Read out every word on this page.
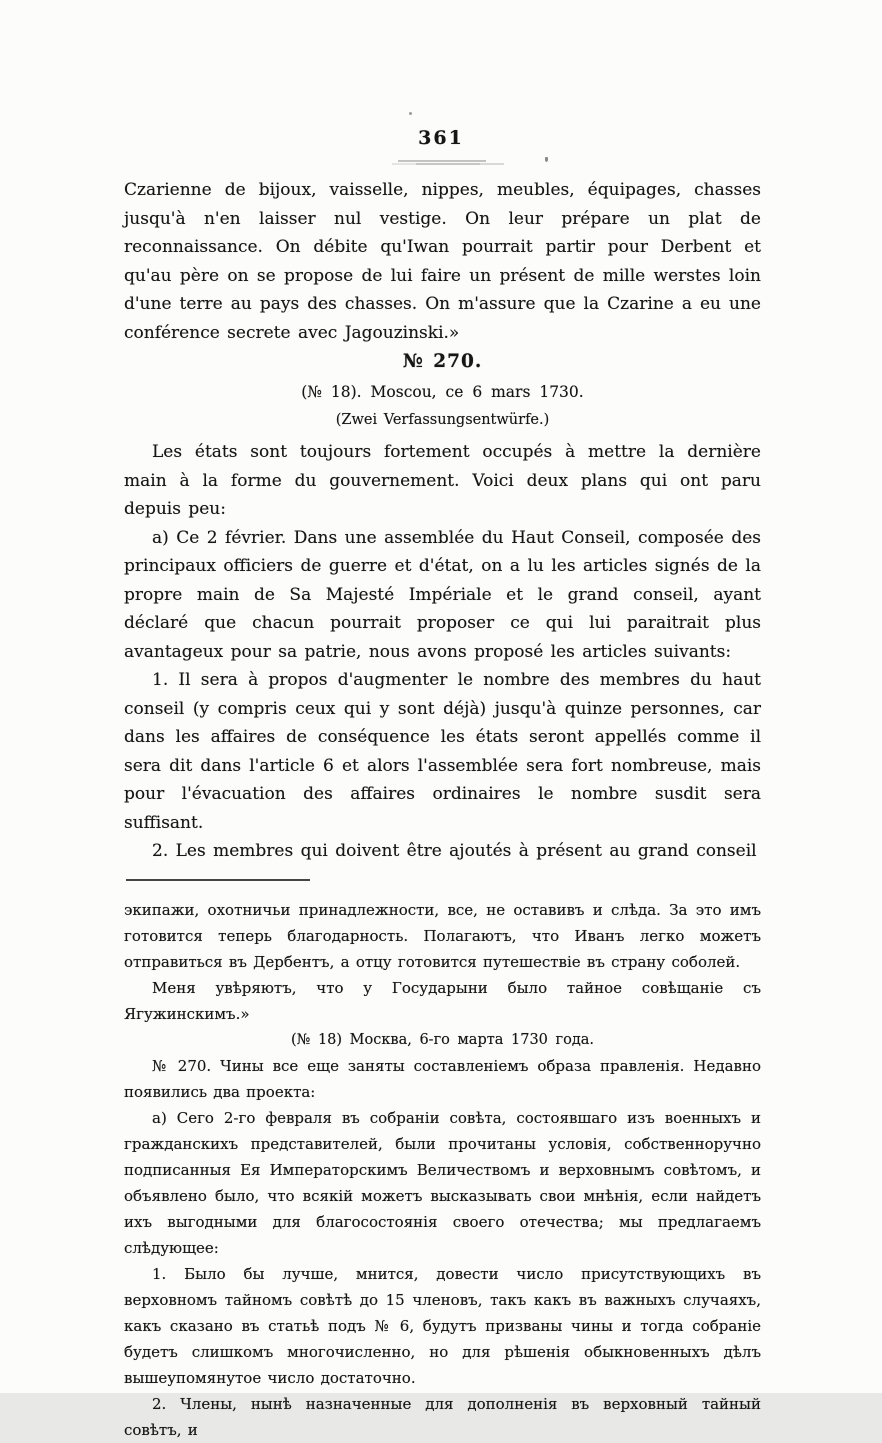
361

Czarienne de bijoux, vaisselle, nippes, meubles, équipages, chasses jusqu'à n'en laisser nul vestige. On leur prépare un plat de reconnaissance. On débite qu'Iwan pourrait partir pour Derbent et qu'au père on se propose de lui faire un présent de mille werstes loin d'une terre au pays des chasses. On m'assure que la Czarine a eu une conférence secrete avec Jagouzinski.»

№ 270.
(№ 18). Moscou, ce 6 mars 1730.
(Zwei Verfassungsentwürfe.)

Les états sont toujours fortement occupés à mettre la dernière main à la forme du gouvernement. Voici deux plans qui ont paru depuis peu:

a) Ce 2 février. Dans une assemblée du Haut Conseil, composée des principaux officiers de guerre et d'état, on a lu les articles signés de la propre main de Sa Majesté Impériale et le grand conseil, ayant déclaré que chacun pourrait proposer ce qui lui paraitrait plus avantageux pour sa patrie, nous avons proposé les articles suivants:

1. Il sera à propos d'augmenter le nombre des membres du haut conseil (y compris ceux qui y sont déjà) jusqu'à quinze personnes, car dans les affaires de conséquence les états seront appellés comme il sera dit dans l'article 6 et alors l'assemblée sera fort nombreuse, mais pour l'évacuation des affaires ordinaires le nombre susdit sera suffisant.

2. Les membres qui doivent être ajoutés à présent au grand conseil

экипажи, охотничьи принадлежности, все, не оставивъ и слѣда. За это имъ готовится теперь благодарность. Полагаютъ, что Иванъ легко можетъ отправиться въ Дербентъ, а отцу готовится путешествіе въ страну соболей.

Меня увѣряютъ, что у Государыни было тайное совѣщаніе съ Ягужинскимъ.»

(№ 18) Москва, 6-го марта 1730 года.

№ 270. Чины все еще заняты составленіемъ образа правленія. Недавно появились два проекта:

а) Сего 2-го февраля въ собраніи совѣта, состоявшаго изъ военныхъ и гражданскихъ представителей, были прочитаны условія, собственноручно подписанныя Ея Императорскимъ Величествомъ и верховнымъ совѣтомъ, и объявлено было, что всякій можетъ высказывать свои мнѣнія, если найдетъ ихъ выгодными для благосостоянія своего отечества; мы предлагаемъ слѣдующее:

1. Было бы лучше, мнится, довести число присутствующихъ въ верховномъ тайномъ совѣтѣ до 15 членовъ, такъ какъ въ важныхъ случаяхъ, какъ сказано въ статьѣ подъ № 6, будутъ призваны чины и тогда собраніе будетъ слишкомъ многочисленно, но для рѣшенія обыкновенныхъ дѣлъ вышеупомянутое число достаточно.

2. Члены, нынѣ назначенные для дополненія въ верховный тайный совѣтъ, и
